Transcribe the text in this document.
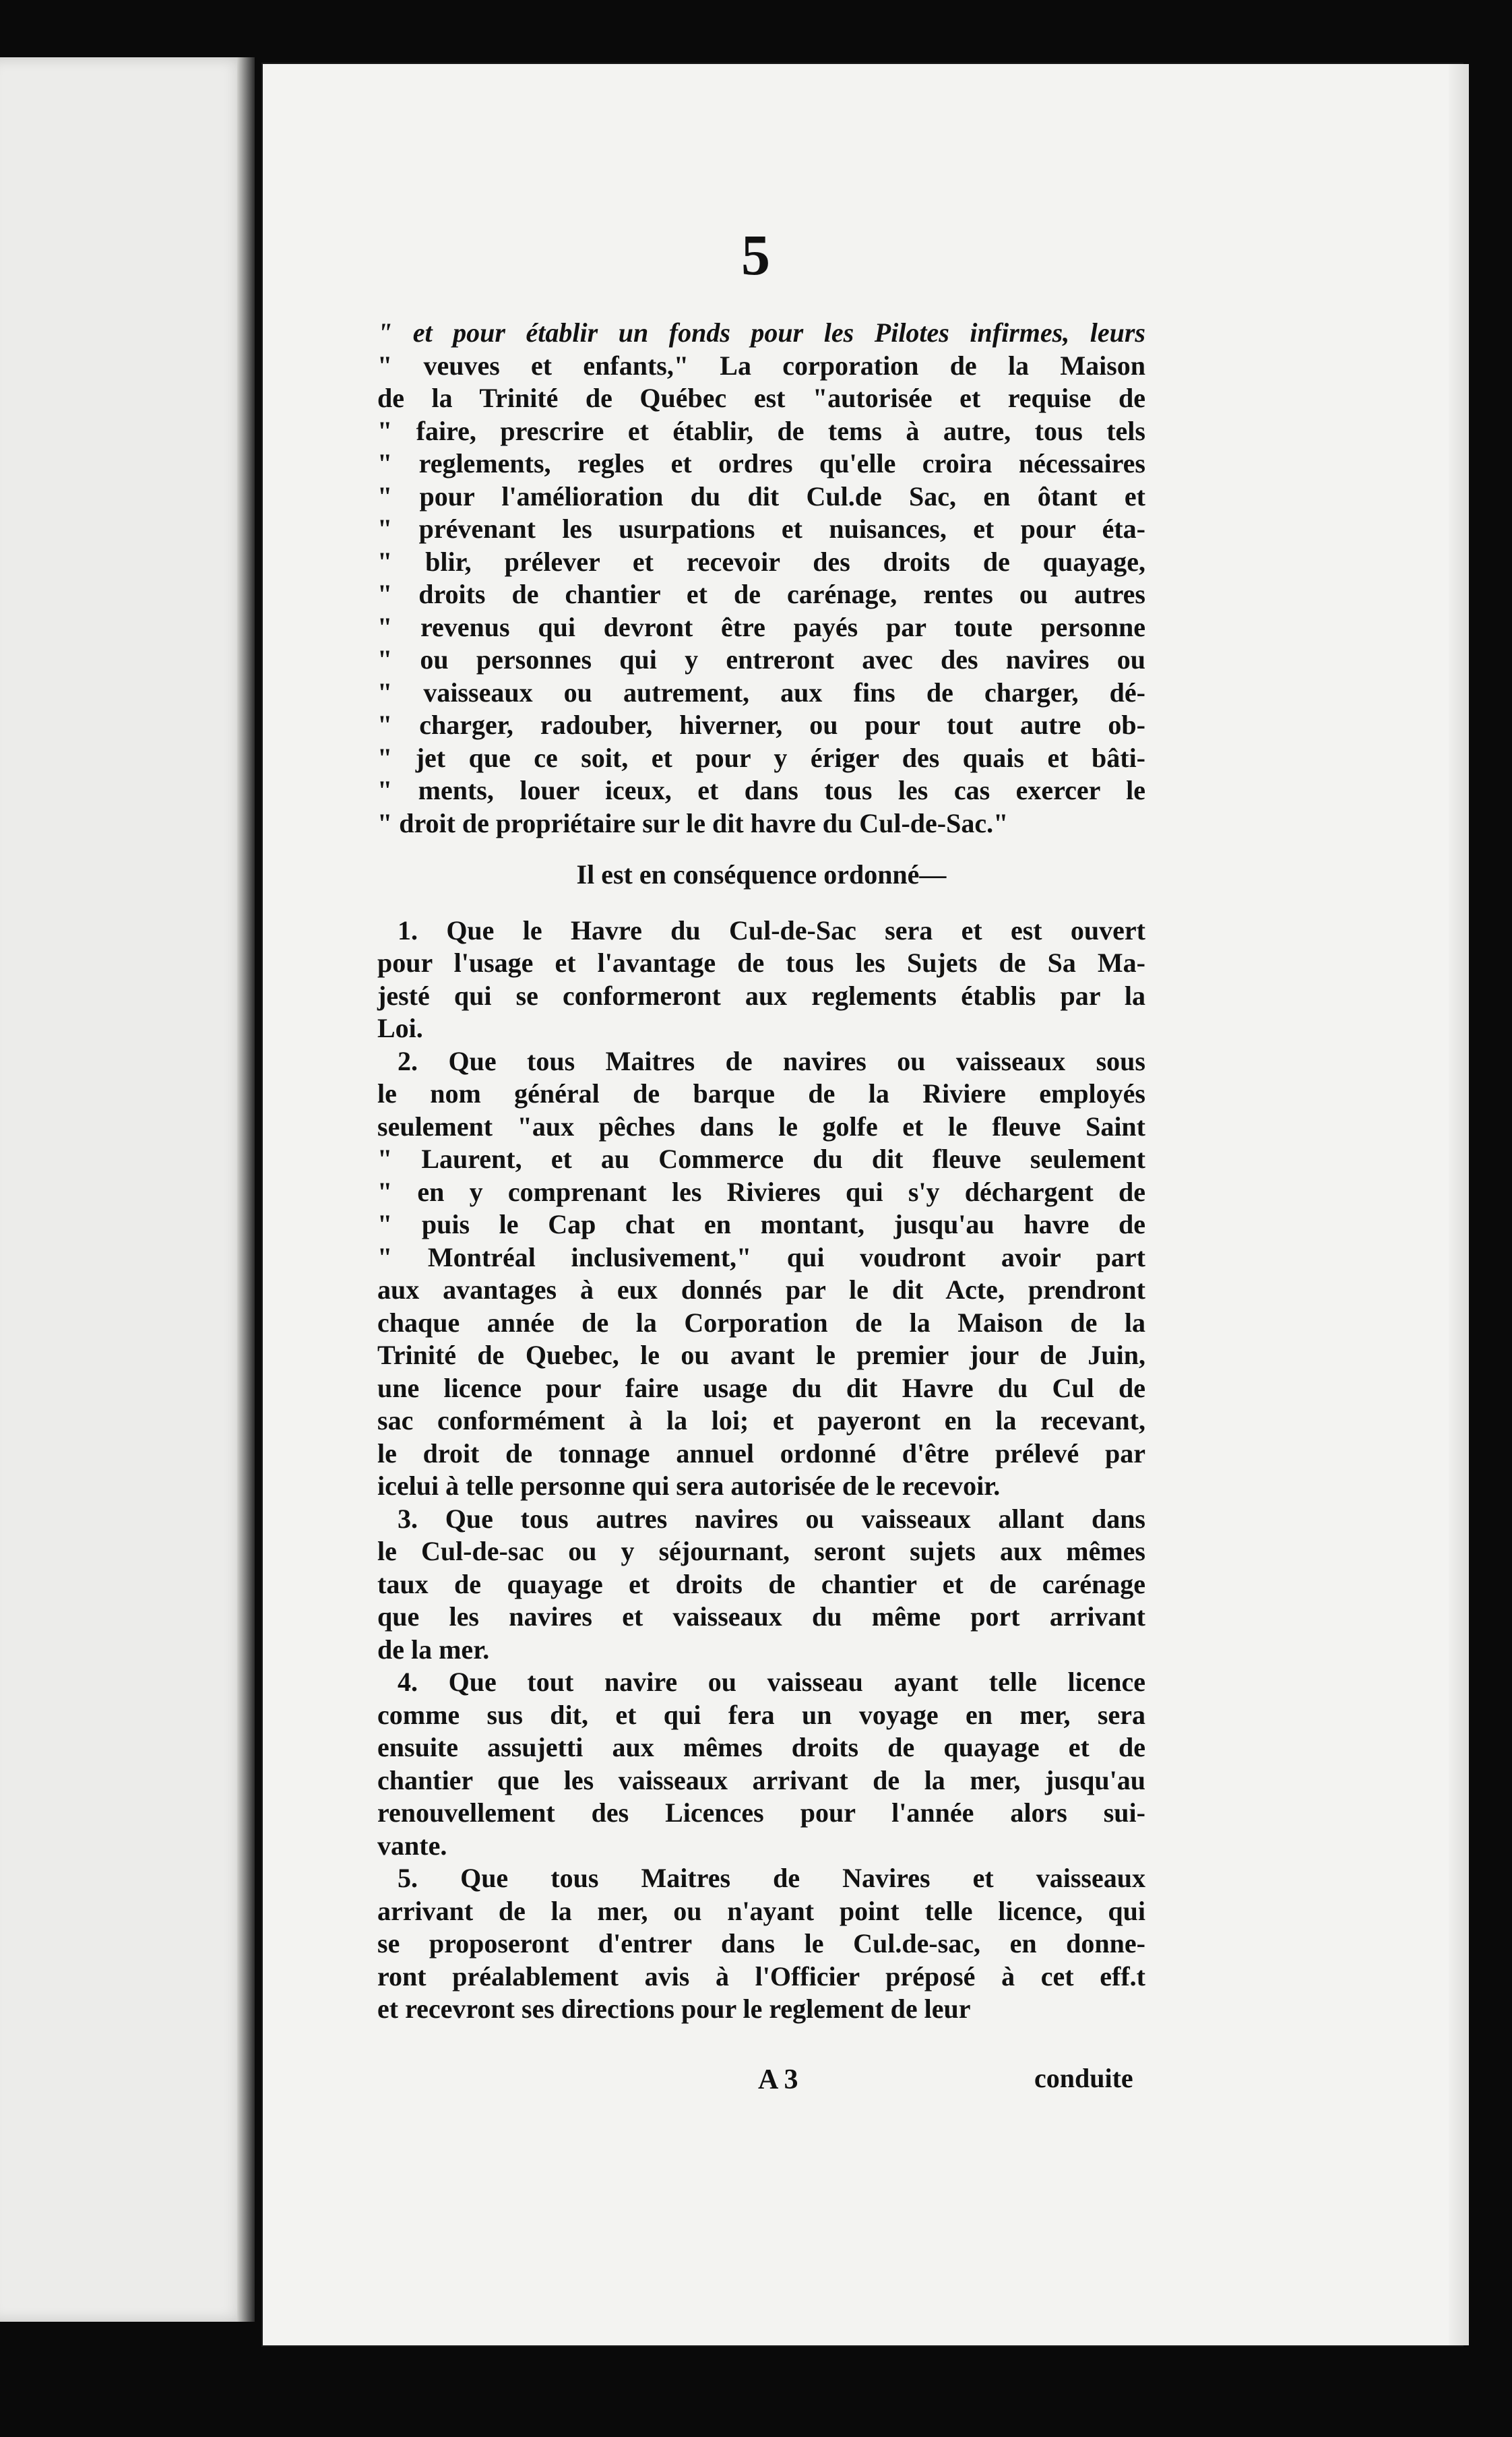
5
" et pour établir un fonds pour les Pilotes infirmes, leurs
" veuves et enfants," La corporation de la Maison
de la Trinité de Québec est "autorisée et requise de
" faire, prescrire et établir, de tems à autre, tous tels
" reglements, regles et ordres qu'elle croira nécessaires
" pour l'amélioration du dit Cul.de Sac, en ôtant et
" prévenant les usurpations et nuisances, et pour éta-
" blir, prélever et recevoir des droits de quayage,
" droits de chantier et de carénage, rentes ou autres
" revenus qui devront être payés par toute personne
" ou personnes qui y entreront avec des navires ou
" vaisseaux ou autrement, aux fins de charger, dé-
" charger, radouber, hiverner, ou pour tout autre ob-
" jet que ce soit, et pour y ériger des quais et bâti-
" ments, louer iceux, et dans tous les cas exercer le
" droit de propriétaire sur le dit havre du Cul-de-Sac."
Il est en conséquence ordonné—
1. Que le Havre du Cul-de-Sac sera et est ouvert
pour l'usage et l'avantage de tous les Sujets de Sa Ma-
jesté qui se conformeront aux reglements établis par la
Loi.
2. Que tous Maitres de navires ou vaisseaux sous
le nom général de barque de la Riviere employés
seulement "aux pêches dans le golfe et le fleuve Saint
" Laurent, et au Commerce du dit fleuve seulement
" en y comprenant les Rivieres qui s'y déchargent de
" puis le Cap chat en montant, jusqu'au havre de
" Montréal inclusivement," qui voudront avoir part
aux avantages à eux donnés par le dit Acte, prendront
chaque année de la Corporation de la Maison de la
Trinité de Quebec, le ou avant le premier jour de Juin,
une licence pour faire usage du dit Havre du Cul de
sac conformément à la loi; et payeront en la recevant,
le droit de tonnage annuel ordonné d'être prélevé par
icelui à telle personne qui sera autorisée de le recevoir.
3. Que tous autres navires ou vaisseaux allant dans
le Cul-de-sac ou y séjournant, seront sujets aux mêmes
taux de quayage et droits de chantier et de carénage
que les navires et vaisseaux du même port arrivant
de la mer.
4. Que tout navire ou vaisseau ayant telle licence
comme sus dit, et qui fera un voyage en mer, sera
ensuite assujetti aux mêmes droits de quayage et de
chantier que les vaisseaux arrivant de la mer, jusqu'au
renouvellement des Licences pour l'année alors sui-
vante.
5. Que tous Maitres de Navires et vaisseaux
arrivant de la mer, ou n'ayant point telle licence, qui
se proposeront d'entrer dans le Cul.de-sac, en donne-
ront préalablement avis à l'Officier préposé à cet eff.t
et recevront ses directions pour le reglement de leur
A 3	conduite
